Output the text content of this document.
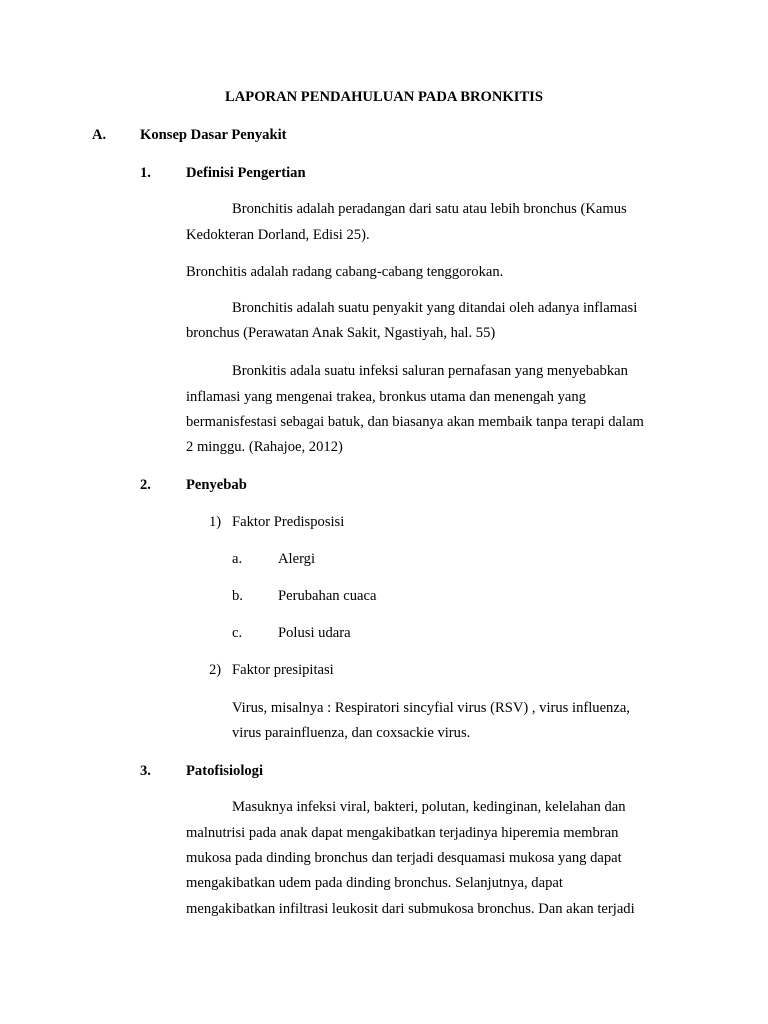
LAPORAN PENDAHULUAN PADA BRONKITIS
A. Konsep Dasar Penyakit
1. Definisi Pengertian
Bronchitis adalah peradangan dari satu atau lebih bronchus (Kamus
Kedokteran Dorland, Edisi 25).
Bronchitis adalah radang cabang-cabang tenggorokan.
Bronchitis adalah suatu penyakit yang ditandai oleh adanya inflamasi
bronchus (Perawatan Anak Sakit, Ngastiyah, hal. 55)
Bronkitis adala suatu infeksi saluran pernafasan yang menyebabkan
inflamasi yang mengenai trakea, bronkus utama dan menengah yang
bermanisfestasi sebagai batuk, dan biasanya akan membaik tanpa terapi dalam
2 minggu. (Rahajoe, 2012)
2. Penyebab
1) Faktor Predisposisi
a. Alergi
b. Perubahan cuaca
c. Polusi udara
2) Faktor presipitasi
Virus, misalnya : Respiratori sincyfial virus (RSV) , virus influenza,
virus parainfluenza, dan coxsackie virus.
3. Patofisiologi
Masuknya infeksi viral, bakteri, polutan, kedinginan, kelelahan dan
malnutrisi pada anak dapat mengakibatkan terjadinya hiperemia membran
mukosa pada dinding bronchus dan terjadi desquamasi mukosa yang dapat
mengakibatkan udem pada dinding bronchus. Selanjutnya, dapat
mengakibatkan infiltrasi leukosit dari submukosa bronchus. Dan akan terjadi
